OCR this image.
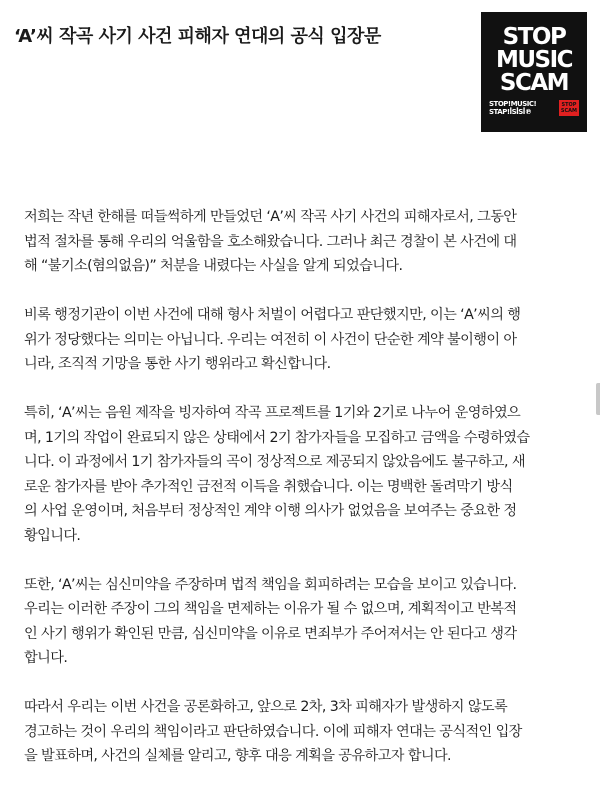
‘A’씨 작곡 사기 사건 피해자 연대의 공식 입장문	STOP
MUSIC
SCAM
STOP!MUSIC!
STAP!ꟾSꟾSꟾ℗
STOP
SCAM
저희는 작년 한해를 떠들썩하게 만들었던 ‘A’씨 작곡 사기 사건의 피해자로서, 그동안
법적 절차를 통해 우리의 억울함을 호소해왔습니다. 그러나 최근 경찰이 본 사건에 대
해 “불기소(혐의없음)” 처분을 내렸다는 사실을 알게 되었습니다.
비록 행정기관이 이번 사건에 대해 형사 처벌이 어렵다고 판단했지만, 이는 ‘A’씨의 행
위가 정당했다는 의미는 아닙니다. 우리는 여전히 이 사건이 단순한 계약 불이행이 아
니라, 조직적 기망을 통한 사기 행위라고 확신합니다.
특히, ‘A’씨는 음원 제작을 빙자하여 작곡 프로젝트를 1기와 2기로 나누어 운영하였으
며, 1기의 작업이 완료되지 않은 상태에서 2기 참가자들을 모집하고 금액을 수령하였습
니다. 이 과정에서 1기 참가자들의 곡이 정상적으로 제공되지 않았음에도 불구하고, 새
로운 참가자를 받아 추가적인 금전적 이득을 취했습니다. 이는 명백한 돌려막기 방식
의 사업 운영이며, 처음부터 정상적인 계약 이행 의사가 없었음을 보여주는 중요한 정
황입니다.
또한, ‘A’씨는 심신미약을 주장하며 법적 책임을 회피하려는 모습을 보이고 있습니다.
우리는 이러한 주장이 그의 책임을 면제하는 이유가 될 수 없으며, 계획적이고 반복적
인 사기 행위가 확인된 만큼, 심신미약을 이유로 면죄부가 주어져서는 안 된다고 생각
합니다.
따라서 우리는 이번 사건을 공론화하고, 앞으로 2차, 3차 피해자가 발생하지 않도록
경고하는 것이 우리의 책임이라고 판단하였습니다. 이에 피해자 연대는 공식적인 입장
을 발표하며, 사건의 실체를 알리고, 향후 대응 계획을 공유하고자 합니다.
